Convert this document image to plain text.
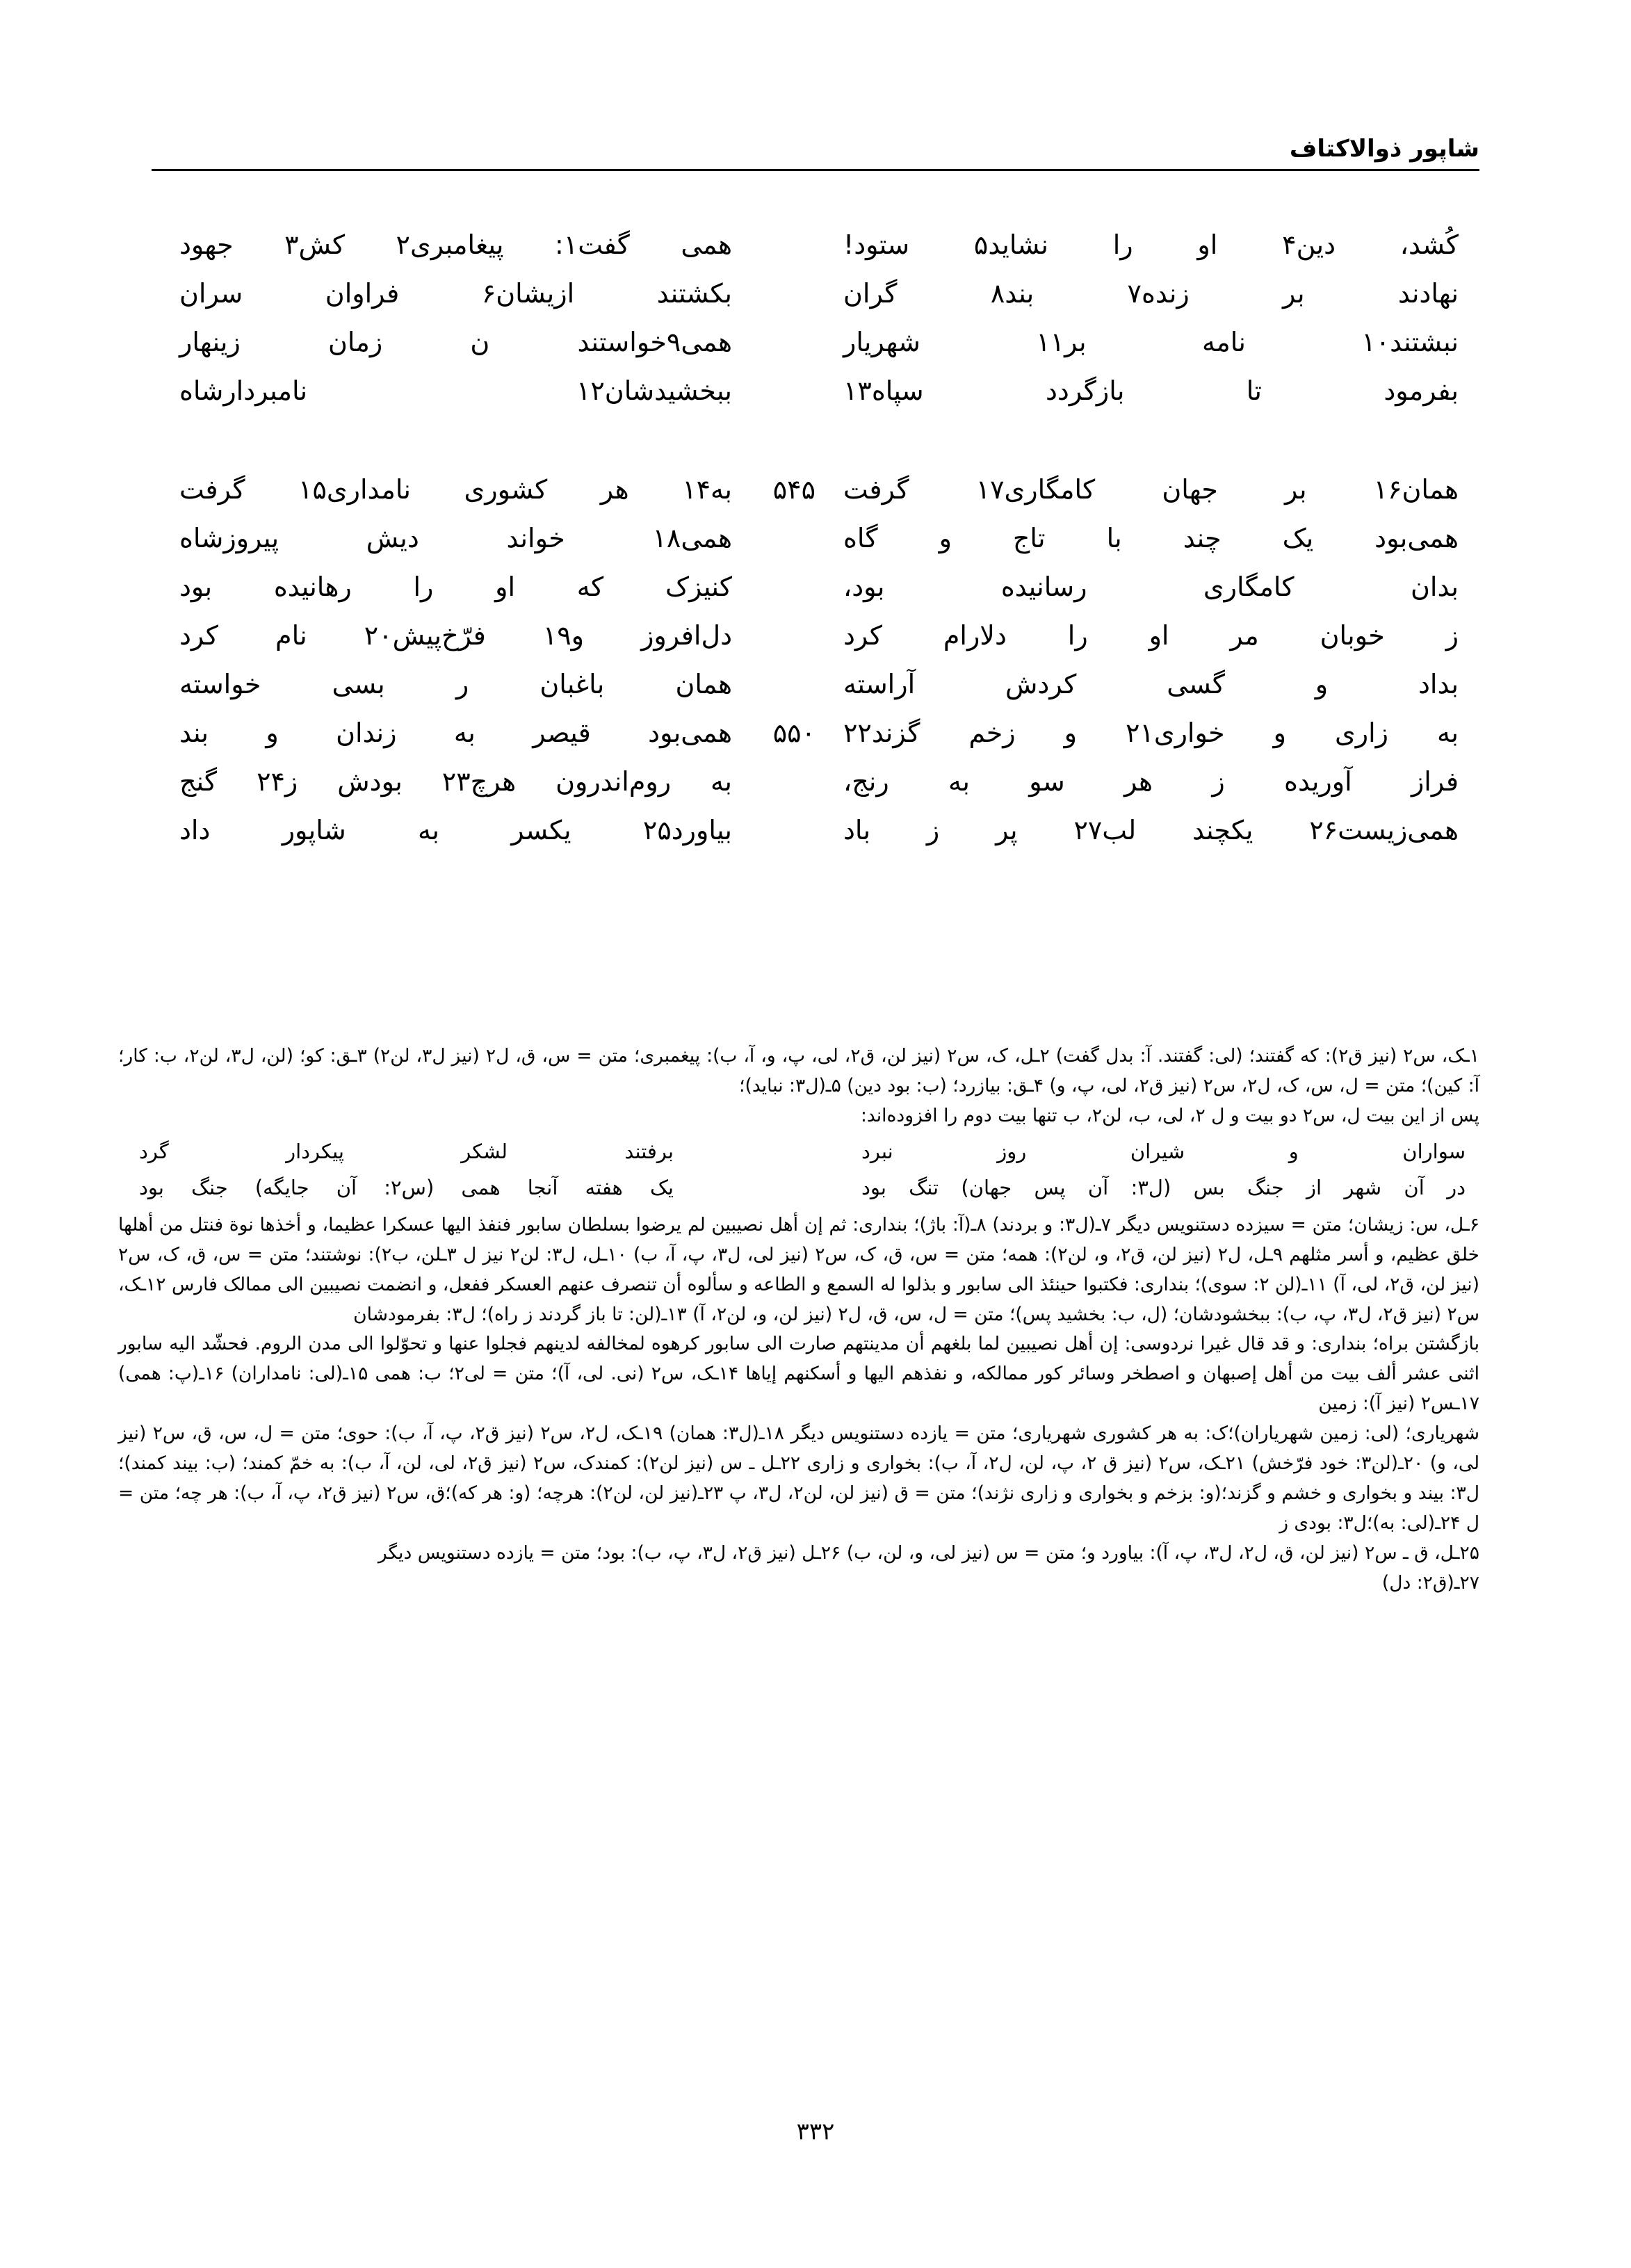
شاپور ذوالاکتاف
کُشد، دین۴ او را نشاید۵ ستود!
همی گفت۱: پیغامبری۲ کش۳ جهود
نهادند بر زنده۷ بند۸ گران
بکشتند ازیشان۶ فراوان سران
نبشتند۱۰ نامه بر۱۱ شهریار
همی۹خواستند ن زمان زینهار
بفرمود تا بازگردد سپاه۱۳
ببخشیدشان۱۲ نامبردارشاه
همان۱۶ بر جهان کامگاری۱۷ گرفت
۵۴۵
به۱۴ هر کشوری نامداری۱۵ گرفت
همی‌بود یک چند با تاج و گاه
همی۱۸ خواند دیش پیروزشاه
بدان کامگاری رسانیده بود،
کنیزک که او را رهانیده بود
ز خوبان مر او را دلارام کرد
دل‌افروز و۱۹ فرّخ‌پیش۲۰ نام کرد
بداد و گسی کردش آراسته
همان باغبان ر بسی خواسته
به زاری و خواری۲۱ و زخم گزند۲۲
۵۵۰
همی‌بود قیصر به زندان و بند
فراز آوریده ز هر سو به رنج،
به روم‌اندرون هرچ۲۳ بودش ز۲۴ گنج
همی‌زیست۲۶ یکچند لب۲۷ پر ز باد
بیاورد۲۵ یکسر به شاپور داد

۱ـک، س۲ (نیز ق۲): که گفتند؛ (لی: گفتند. آ: بدل گفت) ۲ـل، ک، س۲ (نیز لن، ق۲، لی، پ، و، آ، ب): پیغمبری؛ متن = س، ق، ل۲ (نیز ل۳، لن۲) ۳ـق: کو؛ (لن، ل۳، لن۲، ب: کار؛ آ: کین)؛ متن = ل، س، ک، ل۲، س۲ (نیز ق۲، لی، پ، و) ۴ـق: بیازرد؛ (ب: بود دین) ۵ـ(ل۳: نباید)؛

پس از این بیت ل، س۲ دو بیت و ل ۲، لی، ب، لن۲، ب تنها بیت دوم را افزوده‌اند:

سواران و شیران روز نبرد
برفتند لشکر پیکردار گرد
در آن شهر از جنگ بس (ل۳: آن پس جهان) تنگ بود
یک هفته آنجا همی (س۲: آن جایگه) جنگ بود

۶ـل، س: زیشان؛ متن = سیزده دستنویس دیگر ۷ـ(ل۳: و بردند) ۸ـ(آ: باژ)؛ بنداری: ثم إن أهل نصیبین لم یرضوا بسلطان سابور فنفذ الیها عسکرا عظیما، و أخذها نوة فنتل من أهلها خلق عظیم، و أسر مثلهم ۹ـل، ل۲ (نیز لن، ق۲، و، لن۲): همه؛ متن = س، ق، ک، س۲ (نیز لی، ل۳، پ، آ، ب) ۱۰ـل، ل۳: لن۲ نیز ل ۳ـلن، ب۲): نوشتند؛ متن = س، ق، ک، س۲ (نیز لن، ق۲، لی، آ) ۱۱ـ(لن ۲: سوی)؛ بنداری: فکتبوا حینئذ الی سابور و بذلوا له السمع و الطاعه و سألوه أن تنصرف عنهم العسکر ففعل، و انضمت نصیبین الی ممالک فارس ۱۲ـک، س۲ (نیز ق۲، ل۳، پ، ب): ببخشودشان؛ (ل، ب: بخشید پس)؛ متن = ل، س، ق، ل۲ (نیز لن، و، لن۲، آ) ۱۳ـ(لن: تا باز گردند ز راه)؛ ل۳: بفرمودشان

بازگشتن براه؛ بنداری: و قد قال غیرا نردوسی: إن أهل نصیبین لما بلغهم أن مدینتهم صارت الی سابور کرهوه لمخالفه لدینهم فجلوا عنها و تحوّلوا الی مدن الروم. فحشّد الیه سابور اثنی عشر ألف بیت من أهل إصبهان و اصطخر وسائر کور ممالکه، و نفذهم الیها و أسکنهم إیاها ۱۴ـک، س۲ (نی. لی، آ)؛ متن = لی۲؛ ب: همی ۱۵ـ(لی: نامداران) ۱۶ـ(پ: همی) ۱۷ـس۲ (نیز آ): زمین

شهریاری؛ (لی: زمین شهریاران)؛ک: به هر کشوری شهریاری؛ متن = یازده دستنویس دیگر ۱۸ـ(ل۳: همان) ۱۹ـک، ل۲، س۲ (نیز ق۲، پ، آ، ب): حوی؛ متن = ل، س، ق، س۲ (نیز لی، و) ۲۰ـ(لن۳: خود فرّخش) ۲۱ـک، س۲ (نیز ق ۲، پ، لن، ل۲، آ، ب): بخواری و زاری ۲۲ـل ـ س (نیز لن۲): کمندک، س۲ (نیز ق۲، لی، لن، آ، ب): به خمّ کمند؛ (ب: بیند کمند)؛ل۳: بیند و بخواری و خشم و گزند؛(و: بزخم و بخواری و زاری نژند)؛ متن = ق (نیز لن، لن۲، ل۳، پ ۲۳ـ(نیز لن، لن۲): هرچه؛ (و: هر که)؛ق، س۲ (نیز ق۲، پ، آ، ب): هر چه؛ متن = ل ۲۴ـ(لی: به)؛ل۳: بودی ز

۲۵ـل، ق ـ س۲ (نیز لن، ق، ل۲، ل۳، پ، آ): بیاورد و؛ متن = س (نیز لی، و، لن، ب) ۲۶ـل (نیز ق۲، ل۳، پ، ب): بود؛ متن = یازده دستنویس دیگر

۲۷ـ(ق۲: دل)

۳۳۲
